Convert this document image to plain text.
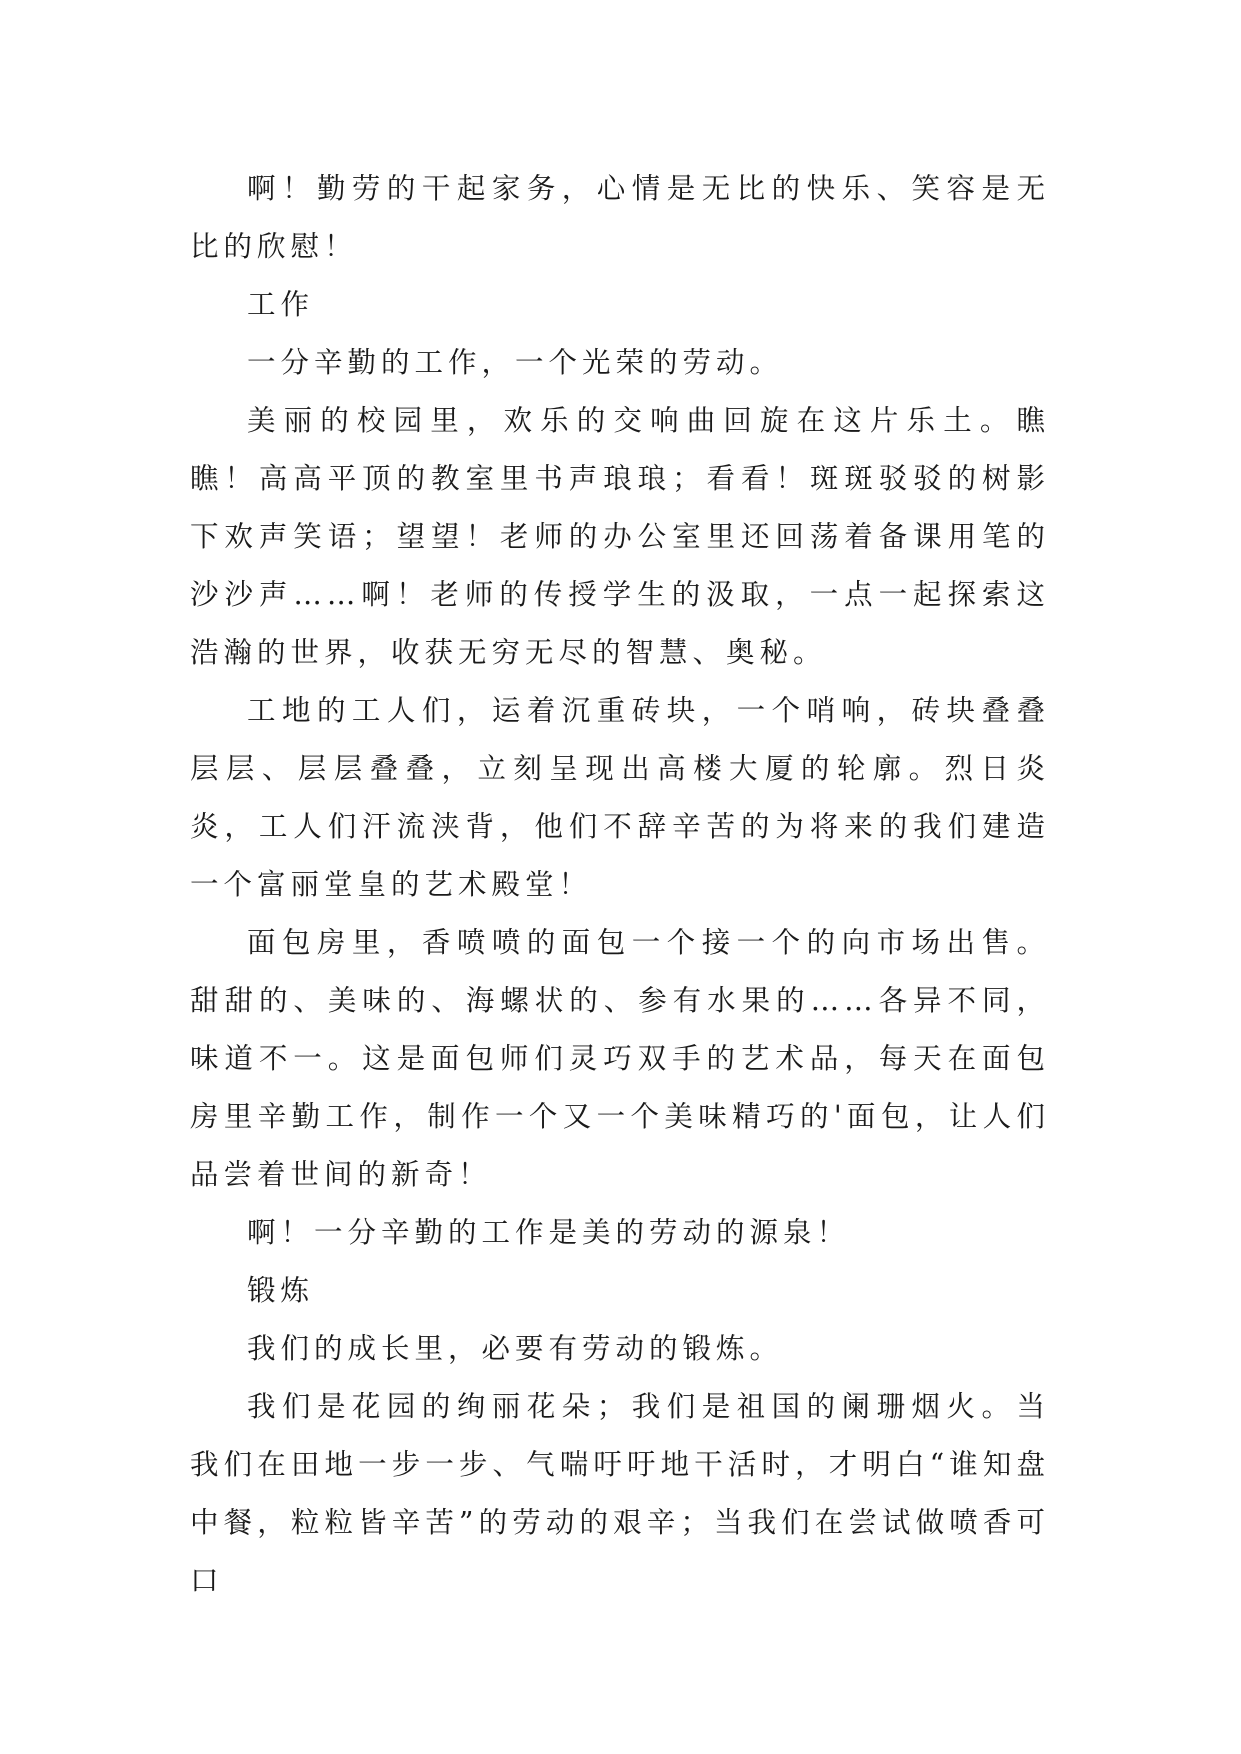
啊！勤劳的干起家务，心情是无比的快乐、笑容是无比的欣慰！

工作

一分辛勤的工作，一个光荣的劳动。

美丽的校园里，欢乐的交响曲回旋在这片乐土。瞧瞧！高高平顶的教室里书声琅琅；看看！斑斑驳驳的树影下欢声笑语；望望！老师的办公室里还回荡着备课用笔的沙沙声……啊！老师的传授学生的汲取，一点一起探索这浩瀚的世界，收获无穷无尽的智慧、奥秘。

工地的工人们，运着沉重砖块，一个哨响，砖块叠叠层层、层层叠叠，立刻呈现出高楼大厦的轮廓。烈日炎炎，工人们汗流浃背，他们不辞辛苦的为将来的我们建造一个富丽堂皇的艺术殿堂！

面包房里，香喷喷的面包一个接一个的向市场出售。甜甜的、美味的、海螺状的、参有水果的……各异不同，味道不一。这是面包师们灵巧双手的艺术品，每天在面包房里辛勤工作，制作一个又一个美味精巧的'面包，让人们品尝着世间的新奇！

啊！一分辛勤的工作是美的劳动的源泉！

锻炼

我们的成长里，必要有劳动的锻炼。

我们是花园的绚丽花朵；我们是祖国的阑珊烟火。当我们在田地一步一步、气喘吁吁地干活时，才明白“谁知盘中餐，粒粒皆辛苦”的劳动的艰辛；当我们在尝试做喷香可口
